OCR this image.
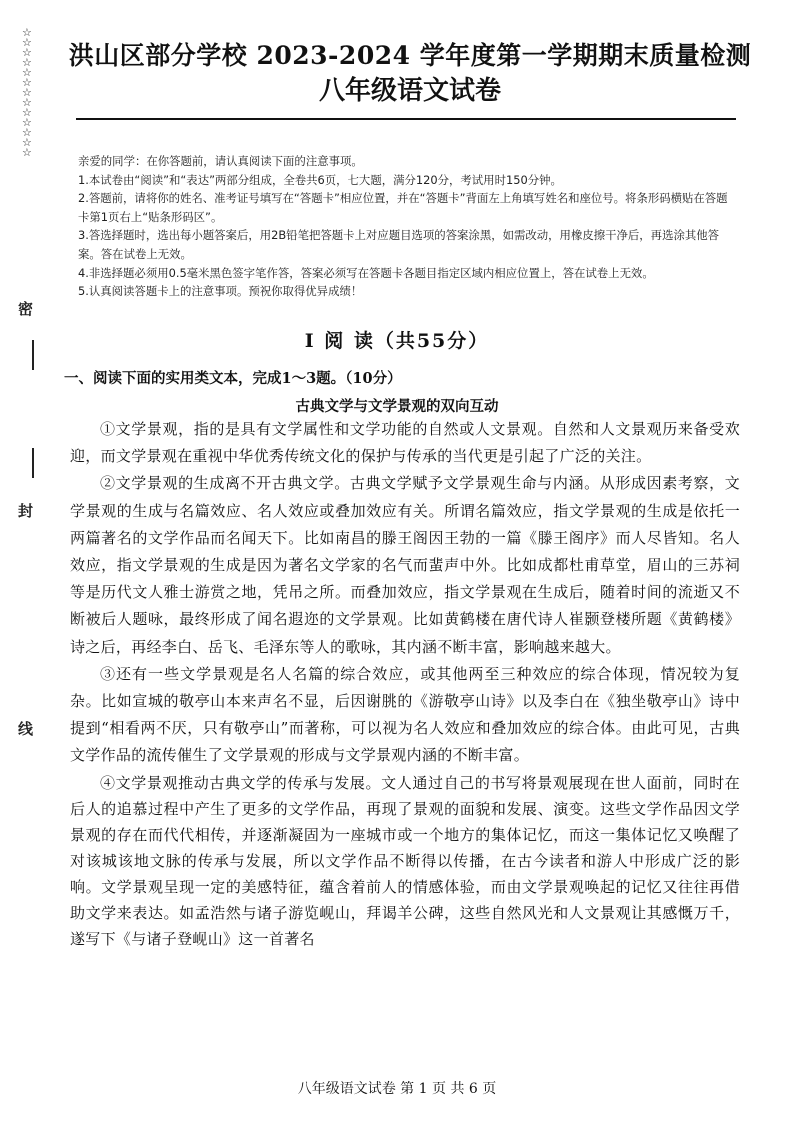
☆☆☆☆☆☆☆☆☆☆☆☆☆
密
封
线

洪山区部分学校 2023-2024 学年度第一学期期末质量检测

八年级语文试卷

亲爱的同学：在你答题前，请认真阅读下面的注意事项。

1.本试卷由“阅读”和“表达”两部分组成，全卷共6页，七大题，满分120分，考试用时150分钟。

2.答题前，请将你的姓名、准考证号填写在“答题卡”相应位置，并在“答题卡”背面左上角填写姓名和座位号。将条形码横贴在答题卡第1页右上“贴条形码区”。

3.答选择题时，选出每小题答案后，用2B铅笔把答题卡上对应题目选项的答案涂黑，如需改动，用橡皮擦干净后，再选涂其他答案。答在试卷上无效。

4.非选择题必须用0.5毫米黑色签字笔作答，答案必须写在答题卡各题目指定区域内相应位置上，答在试卷上无效。

5.认真阅读答题卡上的注意事项。预祝你取得优异成绩！

I 阅 读（共55分）
一、阅读下面的实用类文本，完成1～3题。（10分）
古典文学与文学景观的双向互动

①文学景观，指的是具有文学属性和文学功能的自然或人文景观。自然和人文景观历来备受欢迎，而文学景观在重视中华优秀传统文化的保护与传承的当代更是引起了广泛的关注。

②文学景观的生成离不开古典文学。古典文学赋予文学景观生命与内涵。从形成因素考察，文学景观的生成与名篇效应、名人效应或叠加效应有关。所谓名篇效应，指文学景观的生成是依托一两篇著名的文学作品而名闻天下。比如南昌的滕王阁因王勃的一篇《滕王阁序》而人尽皆知。名人效应，指文学景观的生成是因为著名文学家的名气而蜚声中外。比如成都杜甫草堂，眉山的三苏祠等是历代文人雅士游赏之地，凭吊之所。而叠加效应，指文学景观在生成后，随着时间的流逝又不断被后人题咏，最终形成了闻名遐迩的文学景观。比如黄鹤楼在唐代诗人崔颢登楼所题《黄鹤楼》诗之后，再经李白、岳飞、毛泽东等人的歌咏，其内涵不断丰富，影响越来越大。

③还有一些文学景观是名人名篇的综合效应，或其他两至三种效应的综合体现，情况较为复杂。比如宣城的敬亭山本来声名不显，后因谢朓的《游敬亭山诗》以及李白在《独坐敬亭山》诗中提到“相看两不厌，只有敬亭山”而著称，可以视为名人效应和叠加效应的综合体。由此可见，古典文学作品的流传催生了文学景观的形成与文学景观内涵的不断丰富。

④文学景观推动古典文学的传承与发展。文人通过自己的书写将景观展现在世人面前，同时在后人的追慕过程中产生了更多的文学作品，再现了景观的面貌和发展、演变。这些文学作品因文学景观的存在而代代相传，并逐渐凝固为一座城市或一个地方的集体记忆，而这一集体记忆又唤醒了对该城该地文脉的传承与发展，所以文学作品不断得以传播，在古今读者和游人中形成广泛的影响。文学景观呈现一定的美感特征，蕴含着前人的情感体验，而由文学景观唤起的记忆又往往再借助文学来表达。如孟浩然与诸子游览岘山，拜谒羊公碑，这些自然风光和人文景观让其感慨万千，遂写下《与诸子登岘山》这一首著名

八年级语文试卷 第 1 页 共 6 页
